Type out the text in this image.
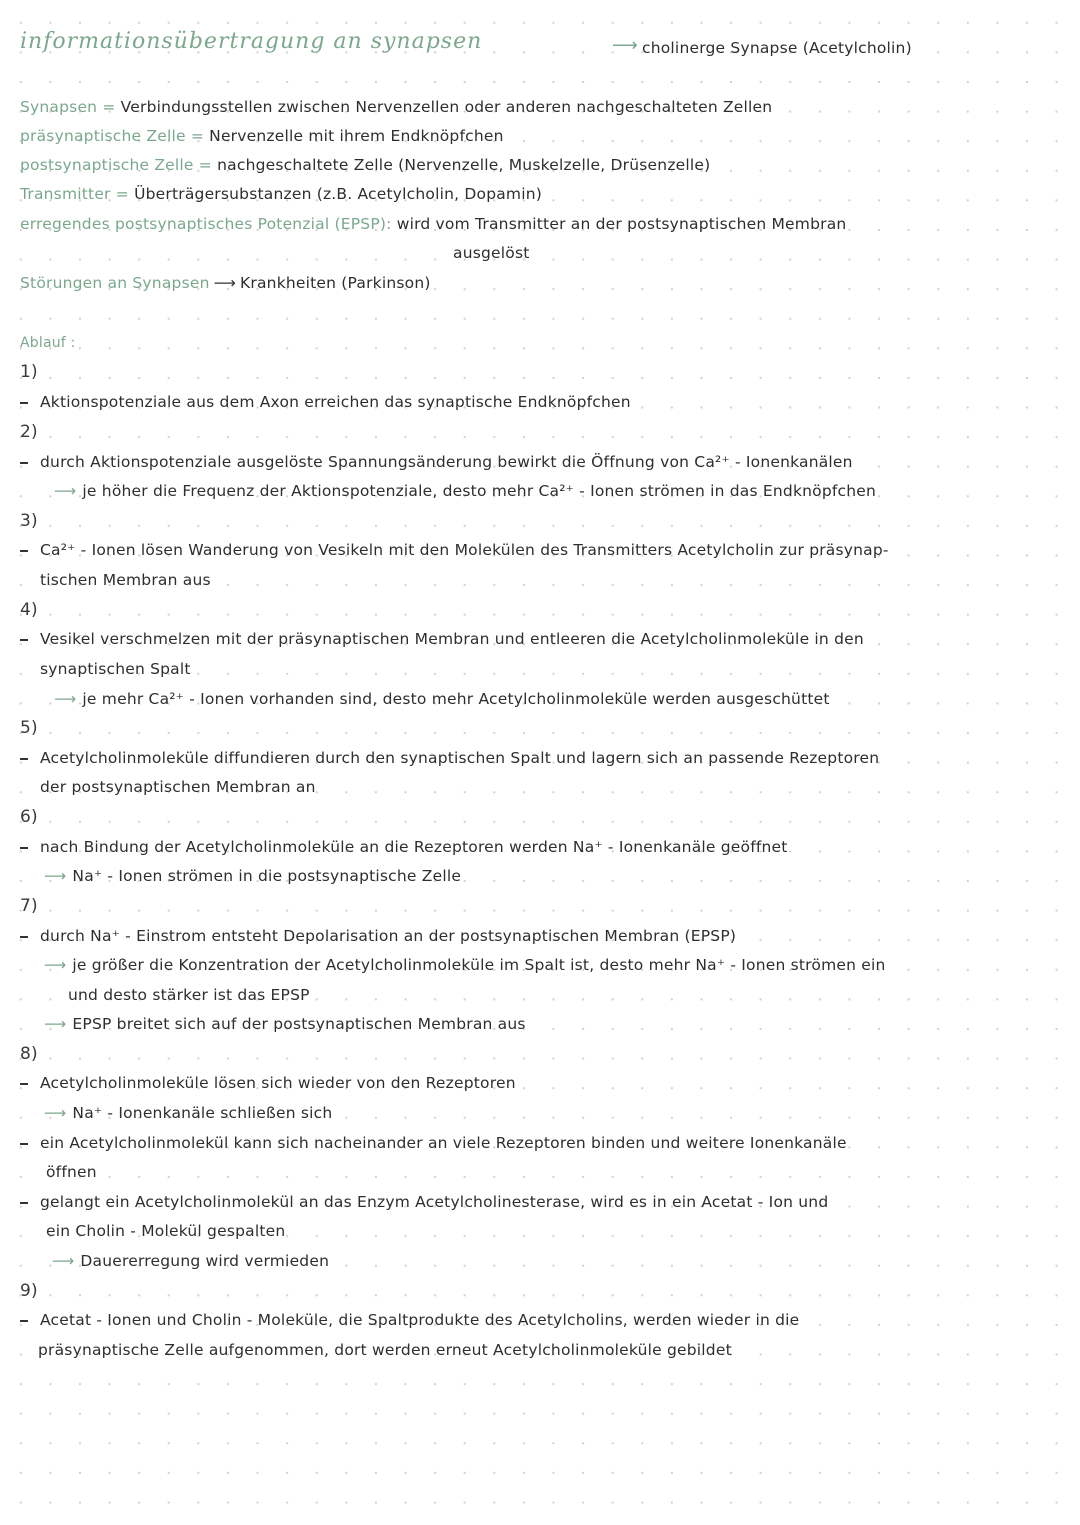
informationsübertragung an synapsen	⟶ cholinerge Synapse (Acetylcholin)
Synapsen = Verbindungsstellen zwischen Nervenzellen oder anderen nachgeschalteten Zellen
präsynaptische Zelle = Nervenzelle mit ihrem Endknöpfchen
postsynaptische Zelle = nachgeschaltete Zelle (Nervenzelle, Muskelzelle, Drüsenzelle)
Transmitter = Überträgersubstanzen (z.B. Acetylcholin, Dopamin)
erregendes postsynaptisches Potenzial (EPSP): wird vom Transmitter an der postsynaptischen Membran
ausgelöst
Störungen an Synapsen ⟶ Krankheiten (Parkinson)
Ablauf :
1)
Aktionspotenziale aus dem Axon erreichen das synaptische Endknöpfchen
2)
durch Aktionspotenziale ausgelöste Spannungsänderung bewirkt die Öffnung von Ca²⁺ - Ionenkanälen
⟶ je höher die Frequenz der Aktionspotenziale, desto mehr Ca²⁺ - Ionen strömen in das Endknöpfchen
3)
Ca²⁺ - Ionen lösen Wanderung von Vesikeln mit den Molekülen des Transmitters Acetylcholin zur präsynap-
tischen Membran aus
4)
Vesikel verschmelzen mit der präsynaptischen Membran und entleeren die Acetylcholinmoleküle in den
synaptischen Spalt
⟶ je mehr Ca²⁺ - Ionen vorhanden sind, desto mehr Acetylcholinmoleküle werden ausgeschüttet
5)
Acetylcholinmoleküle diffundieren durch den synaptischen Spalt und lagern sich an passende Rezeptoren
der postsynaptischen Membran an
6)
nach Bindung der Acetylcholinmoleküle an die Rezeptoren werden Na⁺ - Ionenkanäle geöffnet
⟶ Na⁺ - Ionen strömen in die postsynaptische Zelle
7)
durch Na⁺ - Einstrom entsteht Depolarisation an der postsynaptischen Membran (EPSP)
⟶ je größer die Konzentration der Acetylcholinmoleküle im Spalt ist, desto mehr Na⁺ - Ionen strömen ein
und desto stärker ist das EPSP
⟶ EPSP breitet sich auf der postsynaptischen Membran aus
8)
Acetylcholinmoleküle lösen sich wieder von den Rezeptoren
⟶ Na⁺ - Ionenkanäle schließen sich
ein Acetylcholinmolekül kann sich nacheinander an viele Rezeptoren binden und weitere Ionenkanäle
öffnen
gelangt ein Acetylcholinmolekül an das Enzym Acetylcholinesterase, wird es in ein Acetat - Ion und
ein Cholin - Molekül gespalten
⟶ Dauererregung wird vermieden
9)
Acetat - Ionen und Cholin - Moleküle, die Spaltprodukte des Acetylcholins, werden wieder in die
präsynaptische Zelle aufgenommen, dort werden erneut Acetylcholinmoleküle gebildet
